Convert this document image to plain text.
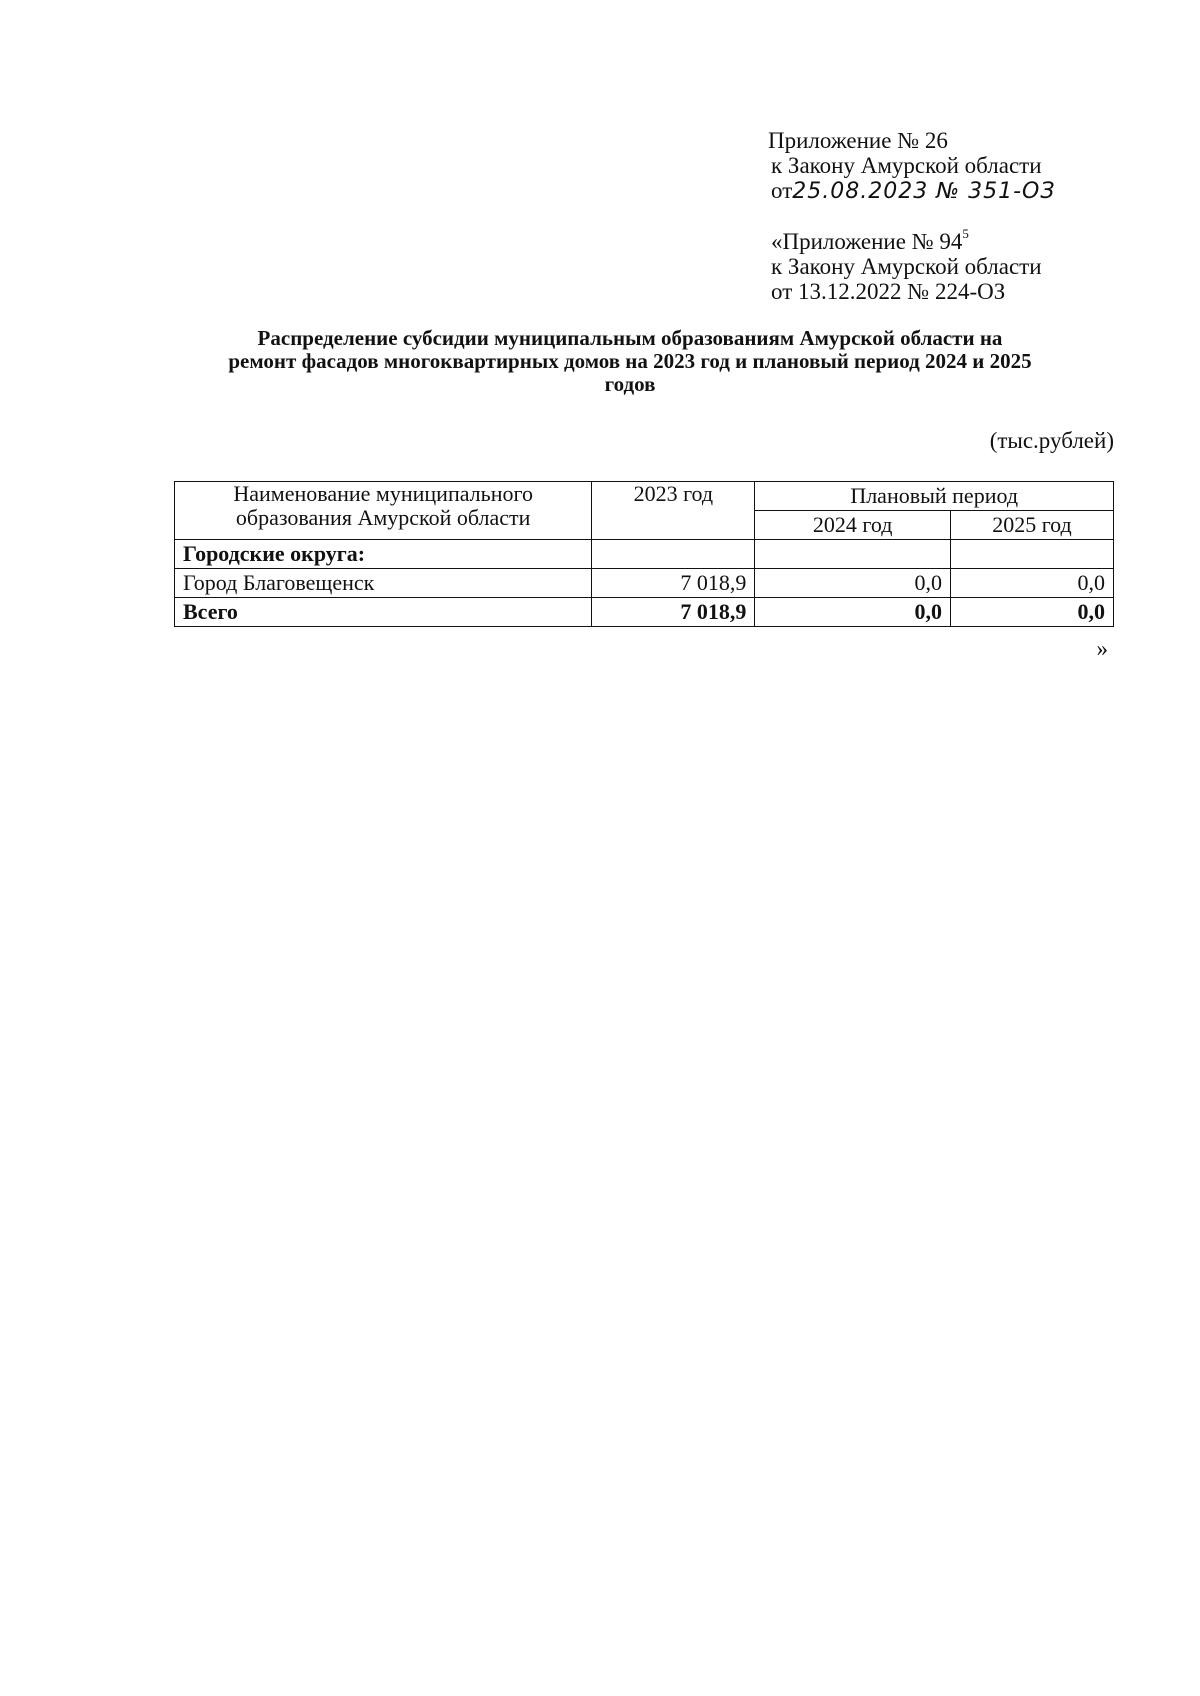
Приложение № 26
к Закону Амурской области
от25.08.2023 № 351-ОЗ
«Приложение № $94^5$
к Закону Амурской области
от 13.12.2022 № 224-ОЗ
Распределение субсидии муниципальным образованиям Амурской области на
ремонт фасадов многоквартирных домов на 2023 год и плановый период 2024 и 2025
годов
(тыс.рублей)
Наименование муниципального
образования Амурской области	2023 год	Плановый период	
		2024 год	2025 год
Городские округа:			
Город Благовещенск	7 018,9	0,0	0,0
Всего	7 018,9	0,0	0,0
»
